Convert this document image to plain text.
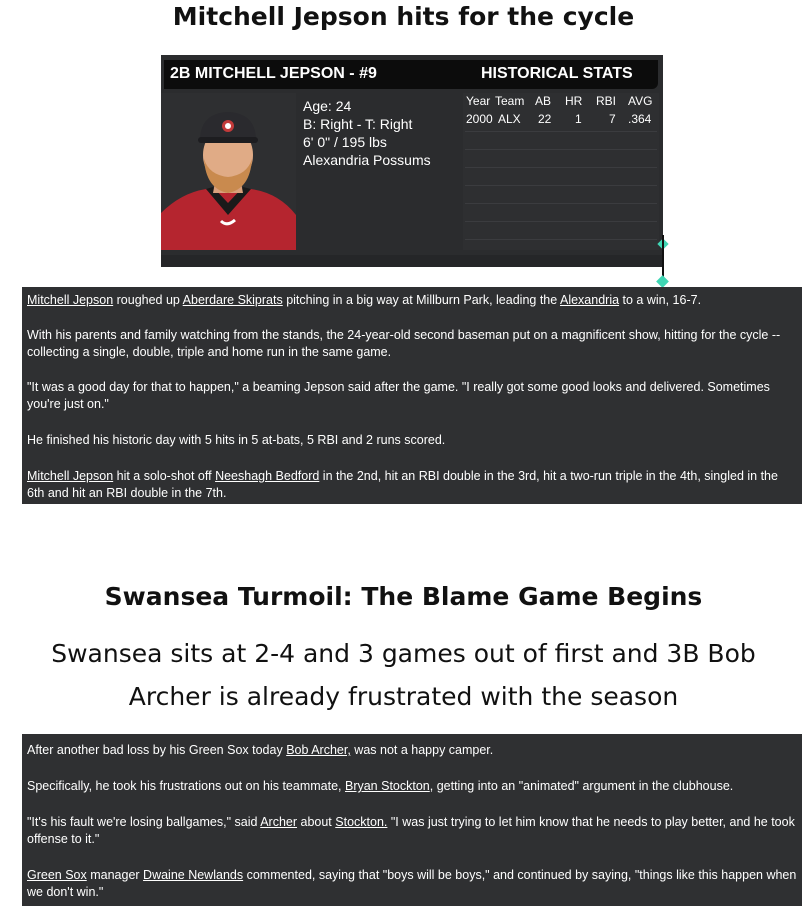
Mitchell Jepson hits for the cycle
2B MITCHELL JEPSON - #9	HISTORICAL STATS
Age: 24
B: Right - T: Right
6' 0" / 195 lbs
Alexandria Possums
Year Team AB HR RBI AVG
2000 ALX 22 1 7 .364

Mitchell Jepson roughed up Aberdare Skiprats pitching in a big way at Millburn Park, leading the Alexandria to a win, 16-7.

With his parents and family watching from the stands, the 24-year-old second baseman put on a magnificent show, hitting for the cycle -- collecting a single, double, triple and home run in the same game.

"It was a good day for that to happen," a beaming Jepson said after the game. "I really got some good looks and delivered. Sometimes you're just on."

He finished his historic day with 5 hits in 5 at-bats, 5 RBI and 2 runs scored.

Mitchell Jepson hit a solo-shot off Neeshagh Bedford in the 2nd, hit an RBI double in the 3rd, hit a two-run triple in the 4th, singled in the 6th and hit an RBI double in the 7th.

Swansea Turmoil: The Blame Game Begins
Swansea sits at 2-4 and 3 games out of first and 3B Bob Archer is already frustrated with the season

After another bad loss by his Green Sox today Bob Archer, was not a happy camper.

Specifically, he took his frustrations out on his teammate, Bryan Stockton, getting into an "animated" argument in the clubhouse.

"It's his fault we're losing ballgames," said Archer about Stockton. "I was just trying to let him know that he needs to play better, and he took offense to it."

Green Sox manager Dwaine Newlands commented, saying that "boys will be boys," and continued by saying, "things like this happen when we don't win."
